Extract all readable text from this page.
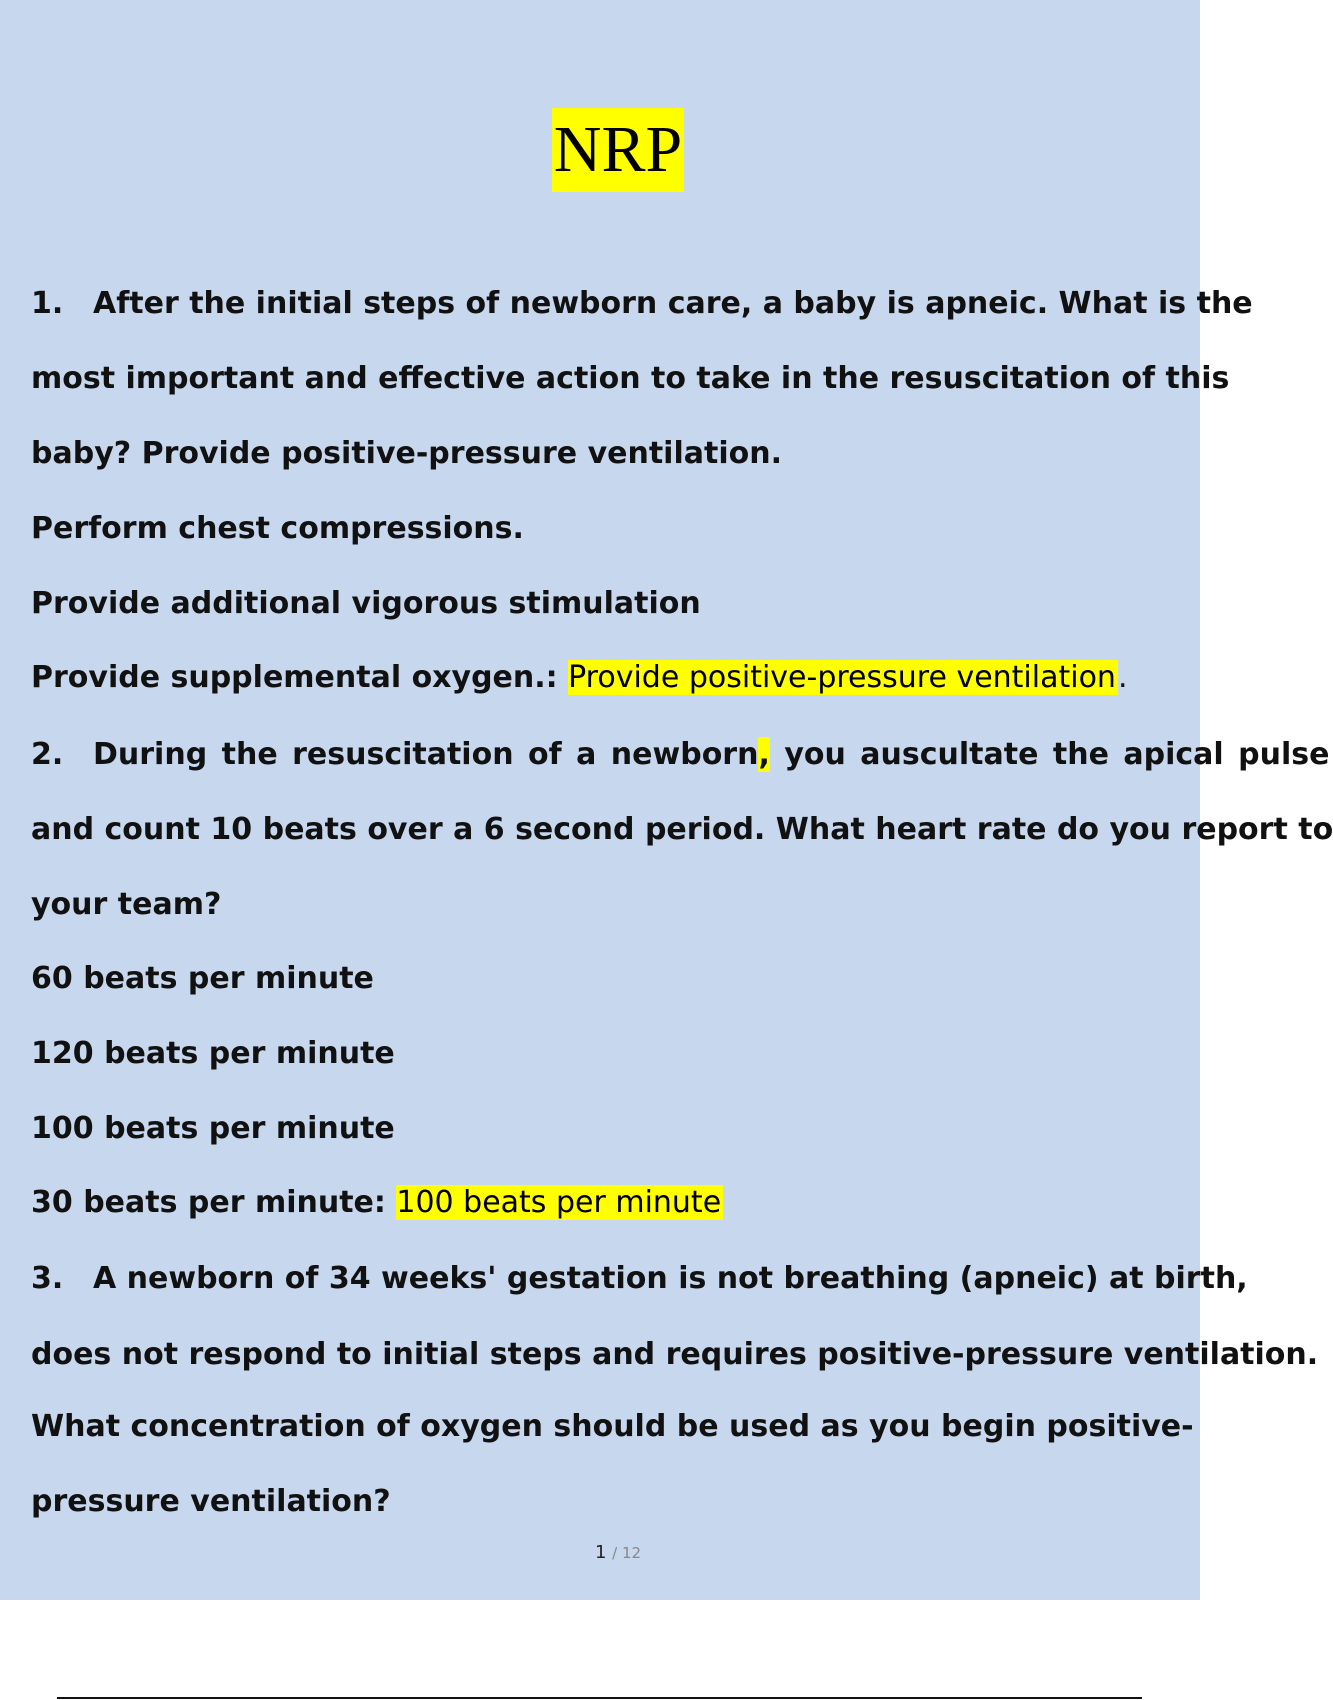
NRP
1. After the initial steps of newborn care, a baby is apneic. What is the
most important and effective action to take in the resuscitation of this
baby? Provide positive-pressure ventilation.
Perform chest compressions.
Provide additional vigorous stimulation
Provide supplemental oxygen.: Provide positive-pressure ventilation.
2. During the resuscitation of a newborn, you auscultate the apical pulse
and count 10 beats over a 6 second period. What heart rate do you report to
your team?
60 beats per minute
120 beats per minute
100 beats per minute
30 beats per minute: 100 beats per minute
3. A newborn of 34 weeks' gestation is not breathing (apneic) at birth,
does not respond to initial steps and requires positive-pressure ventilation.
What concentration of oxygen should be used as you begin positive-
pressure ventilation?
1 / 12
